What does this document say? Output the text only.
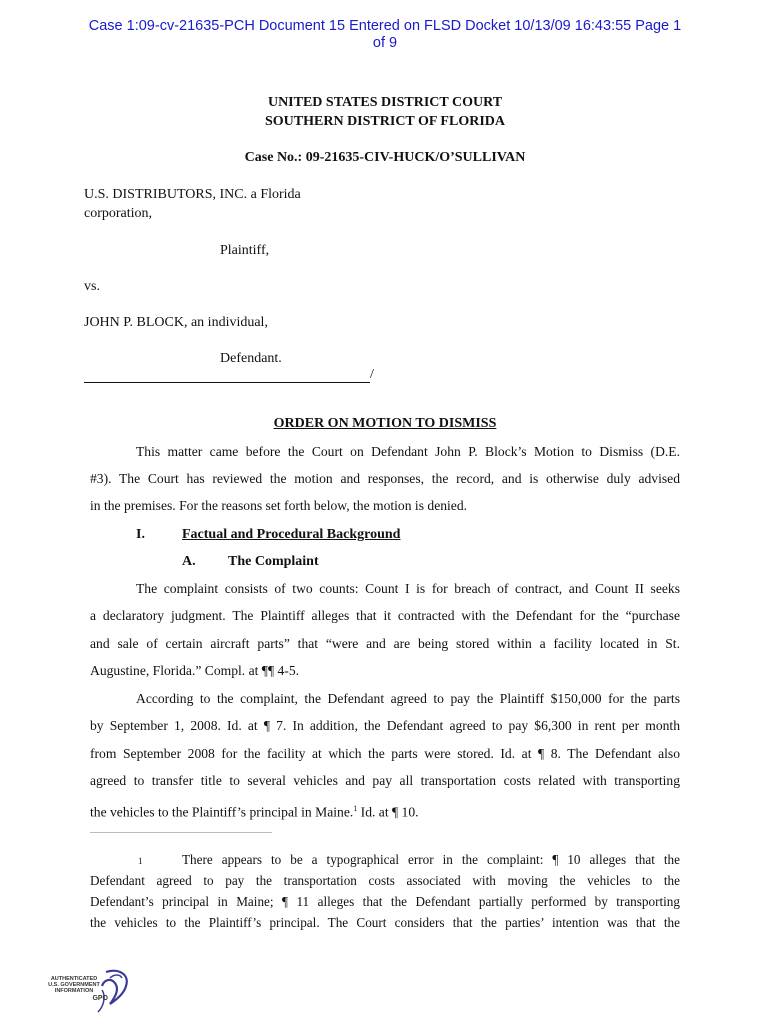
Case 1:09-cv-21635-PCH Document 15 Entered on FLSD Docket 10/13/09 16:43:55 Page 1
of 9
UNITED STATES DISTRICT COURT
SOUTHERN DISTRICT OF FLORIDA
Case No.: 09-21635-CIV-HUCK/O’SULLIVAN
U.S. DISTRIBUTORS, INC. a Florida
corporation,
Plaintiff,
vs.
JOHN P. BLOCK, an individual,
Defendant.
/
ORDER ON MOTION TO DISMISS
This matter came before the Court on Defendant John P. Block’s Motion to Dismiss (D.E.
#3). The Court has reviewed the motion and responses, the record, and is otherwise duly advised
in the premises. For the reasons set forth below, the motion is denied.
I.	Factual and Procedural Background
A. The Complaint
The complaint consists of two counts: Count I is for breach of contract, and Count II seeks
a declaratory judgment. The Plaintiff alleges that it contracted with the Defendant for the “purchase
and sale of certain aircraft parts” that “were and are being stored within a facility located in St.
Augustine, Florida.” Compl. at ¶¶ 4-5.
According to the complaint, the Defendant agreed to pay the Plaintiff $150,000 for the parts
by September 1, 2008. Id. at ¶ 7. In addition, the Defendant agreed to pay $6,300 in rent per month
from September 2008 for the facility at which the parts were stored. Id. at ¶ 8. The Defendant also
agreed to transfer title to several vehicles and pay all transportation costs related with transporting
the vehicles to the Plaintiff’s principal in Maine.$^1$ Id. at ¶ 10.
1	There appears to be a typographical error in the complaint: ¶ 10 alleges that the
Defendant agreed to pay the transportation costs associated with moving the vehicles to the
Defendant’s principal in Maine; ¶ 11 alleges that the Defendant partially performed by transporting
the vehicles to the Plaintiff’s principal. The Court considers that the parties’ intention was that the
AUTHENTICATED
U.S. GOVERNMENT
INFORMATION
GPO
